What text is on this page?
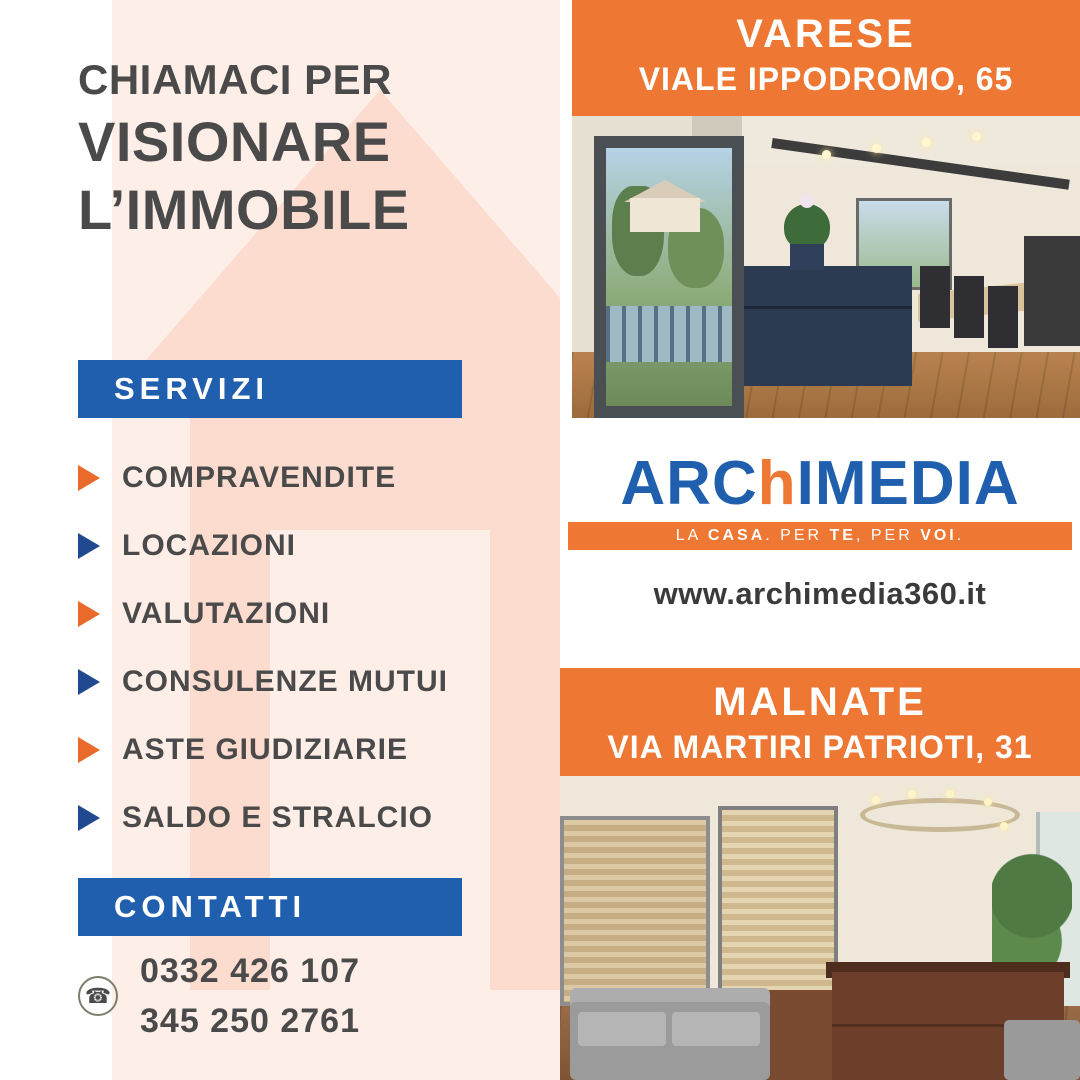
CHIAMACI PER
VISIONARE
L’IMMOBILE
SERVIZI
COMPRAVENDITE
LOCAZIONI
VALUTAZIONI
CONSULENZE MUTUI
ASTE GIUDIZIARIE
SALDO E STRALCIO
CONTATTI
☎
0332 426 107
345 250 2761
VARESE
VIALE IPPODROMO, 65
ARChIMEDIA
LA CASA. PER TE, PER VOI.
www.archimedia360.it
MALNATE
VIA MARTIRI PATRIOTI, 31
